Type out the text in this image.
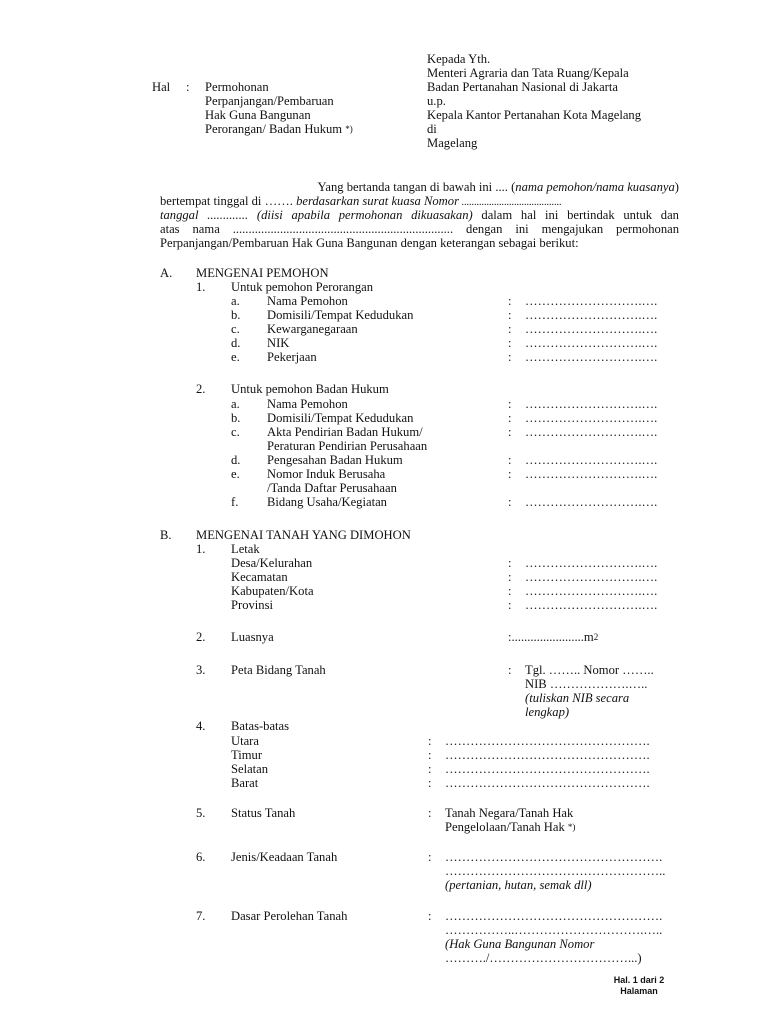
Hal : Permohonan
Perpanjangan/Pembaruan
Hak Guna Bangunan
Perorangan/ Badan Hukum *)
Kepada Yth.
Menteri Agraria dan Tata Ruang/Kepala
Badan Pertanahan Nasional di Jakarta
u.p.
Kepala Kantor Pertanahan Kota Magelang
di
Magelang
Yang bertanda tangan di bawah ini .... (nama pemohon/nama kuasanya)
bertempat tinggal di ……. berdasarkan surat kuasa Nomor ........................................
tanggal ............. (diisi apabila permohonan dikuasakan) dalam hal ini bertindak untuk dan
atas nama ...................................................................... dengan ini mengajukan permohonan
Perpanjangan/Pembaruan Hak Guna Bangunan dengan keterangan sebagai berikut:
A. MENGENAI PEMOHON
1. Untuk pemohon Perorangan
a. Nama Pemohon	: ……………………….….
b. Domisili/Tempat Kedudukan	: ……………………….….
c. Kewarganegaraan	: ……………………….….
d. NIK	: ……………………….….
e. Pekerjaan	: ……………………….….
2. Untuk pemohon Badan Hukum
a. Nama Pemohon	: ……………………….….
b. Domisili/Tempat Kedudukan	: ……………………….….
c. Akta Pendirian Badan Hukum/
Peraturan Pendirian Perusahaan
: ……………………….….
d. Pengesahan Badan Hukum	: ……………………….….
e. Nomor Induk Berusaha
/Tanda Daftar Perusahaan
: ……………………….….
f. Bidang Usaha/Kegiatan	: ……………………….….
B. MENGENAI TANAH YANG DIMOHON
1. Letak
Desa/Kelurahan	: ……………………….….
Kecamatan	: ……………………….….
Kabupaten/Kota	: ……………………….….
Provinsi	: ……………………….….
2. Luasnya	$:.......................m^2$
3. Peta Bidang Tanah	: Tgl. …….. Nomor ……..
NIB ……………….…..
(tuliskan NIB secara
lengkap)
4. Batas-batas
Utara	: ………………………………………….
Timur	: ………………………………………….
Selatan	: ………………………………………….
Barat	: ………………………………………….
5. Status Tanah	: Tanah Negara/Tanah Hak
Pengelolaan/Tanah Hak *)
6. Jenis/Keadaan Tanah	: …………………………………………….
……………………………………………..
(pertanian, hutan, semak dll)
7. Dasar Perolehan Tanah	: …………………………………………….
……………..………………………….…..
(Hak Guna Bangunan Nomor
………./……………………………...)
Hal. 1 dari 2
Halaman
